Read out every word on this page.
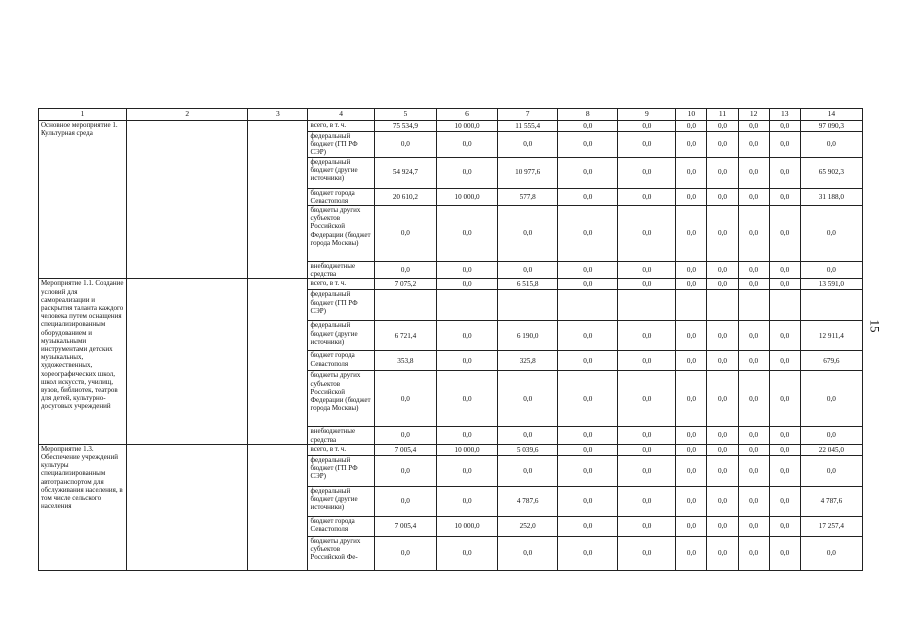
1	2	3	4	5	6	7	8	9	10	11	12	13	14
Основное мероприятие 1. Культурная среда			всего, в т. ч.	75 534,9	10 000,0	11 555,4	0,0	0,0	0,0	0,0	0,0	0,0	97 090,3
			федеральный бюджет (ГП РФ СЭР)	0,0	0,0	0,0	0,0	0,0	0,0	0,0	0,0	0,0	0,0
			федеральный бюджет (другие источники)	54 924,7	0,0	10 977,6	0,0	0,0	0,0	0,0	0,0	0,0	65 902,3
			бюджет города Севастополя	20 610,2	10 000,0	577,8	0,0	0,0	0,0	0,0	0,0	0,0	31 188,0
			бюджеты других субъектов Российской Федерации (бюджет города Москвы)	0,0	0,0	0,0	0,0	0,0	0,0	0,0	0,0	0,0	0,0
			внебюджетные средства	0,0	0,0	0,0	0,0	0,0	0,0	0,0	0,0	0,0	0,0
Мероприятие 1.1. Создание условий для самореализации и раскрытия таланта каждого человека путем оснащения специализированным оборудованием и музыкальными инструментами детских музыкальных, художественных, хореографических школ, школ искусств, училищ, вузов, библиотек, театров для детей, культурно-досуговых учреждений			всего, в т. ч.	7 075,2	0,0	6 515,8	0,0	0,0	0,0	0,0	0,0	0,0	13 591,0
			федеральный бюджет (ГП РФ СЭР)										
			федеральный бюджет (другие источники)	6 721,4	0,0	6 190,0	0,0	0,0	0,0	0,0	0,0	0,0	12 911,4
			бюджет города Севастополя	353,8	0,0	325,8	0,0	0,0	0,0	0,0	0,0	0,0	679,6
			бюджеты других субъектов Российской Федерации (бюджет города Москвы)	0,0	0,0	0,0	0,0	0,0	0,0	0,0	0,0	0,0	0,0
			внебюджетные средства	0,0	0,0	0,0	0,0	0,0	0,0	0,0	0,0	0,0	0,0
Мероприятие 1.3. Обеспечение учреждений культуры специализированным автотранспортом для обслуживания населения, в том числе сельского населения			всего, в т. ч.	7 005,4	10 000,0	5 039,6	0,0	0,0	0,0	0,0	0,0	0,0	22 045,0
			федеральный бюджет (ГП РФ СЭР)	0,0	0,0	0,0	0,0	0,0	0,0	0,0	0,0	0,0	0,0
			федеральный бюджет (другие источники)	0,0	0,0	4 787,6	0,0	0,0	0,0	0,0	0,0	0,0	4 787,6
			бюджет города Севастополя	7 005,4	10 000,0	252,0	0,0	0,0	0,0	0,0	0,0	0,0	17 257,4
			бюджеты других субъектов Российской Фе-	0,0	0,0	0,0	0,0	0,0	0,0	0,0	0,0	0,0	0,0
15
